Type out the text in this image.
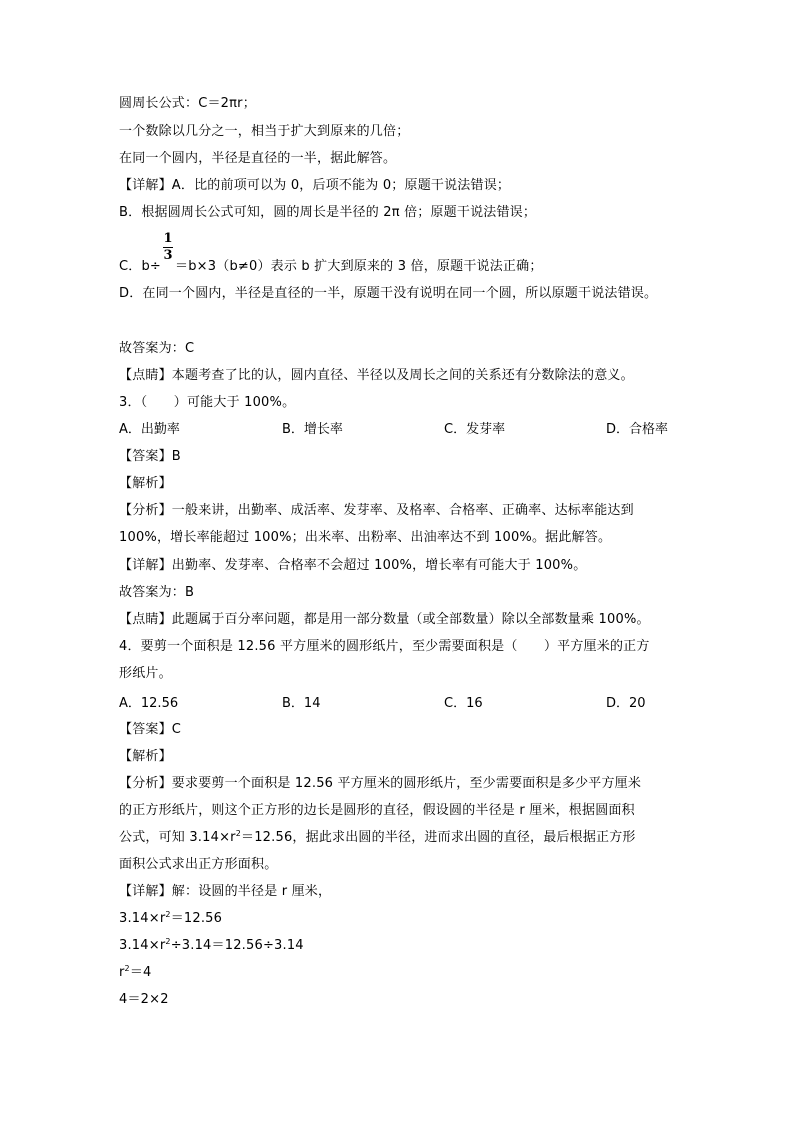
圆周长公式：C＝2πr；
一个数除以几分之一，相当于扩大到原来的几倍；
在同一个圆内，半径是直径的一半，据此解答。
【详解】A．比的前项可以为 0，后项不能为 0；原题干说法错误；
B．根据圆周长公式可知，圆的周长是半径的 2π 倍；原题干说法错误；
1
3
C．b÷ ＝b×3（b≠0）表示 b 扩大到原来的 3 倍，原题干说法正确；
D．在同一个圆内，半径是直径的一半，原题干没有说明在同一个圆，所以原题干说法错误。
故答案为：C
【点睛】本题考查了比的认，圆内直径、半径以及周长之间的关系还有分数除法的意义。
3．（　　）可能大于 100%。
A．出勤率	B．增长率	C．发芽率	D．合格率
【答案】B
【解析】
【分析】一般来讲，出勤率、成活率、发芽率、及格率、合格率、正确率、达标率能达到
100%，增长率能超过 100%；出米率、出粉率、出油率达不到 100%。据此解答。
【详解】出勤率、发芽率、合格率不会超过 100%，增长率有可能大于 100%。
故答案为：B
【点睛】此题属于百分率问题，都是用一部分数量（或全部数量）除以全部数量乘 100%。
4．要剪一个面积是 12.56 平方厘米的圆形纸片，至少需要面积是（　　）平方厘米的正方
形纸片。
A．12.56	B．14	C．16	D．20
【答案】C
【解析】
【分析】要求要剪一个面积是 12.56 平方厘米的圆形纸片，至少需要面积是多少平方厘米
的正方形纸片，则这个正方形的边长是圆形的直径，假设圆的半径是 r 厘米，根据圆面积
公式，可知 $3.14\times r^2=12.56$，据此求出圆的半径，进而求出圆的直径，最后根据正方形
面积公式求出正方形面积。
【详解】解：设圆的半径是 r 厘米，
$3.14\times r^2=12.56$
$3.14\times r^2\div 3.14=12.56\div 3.14$
$r^2=4$
4＝2×2
